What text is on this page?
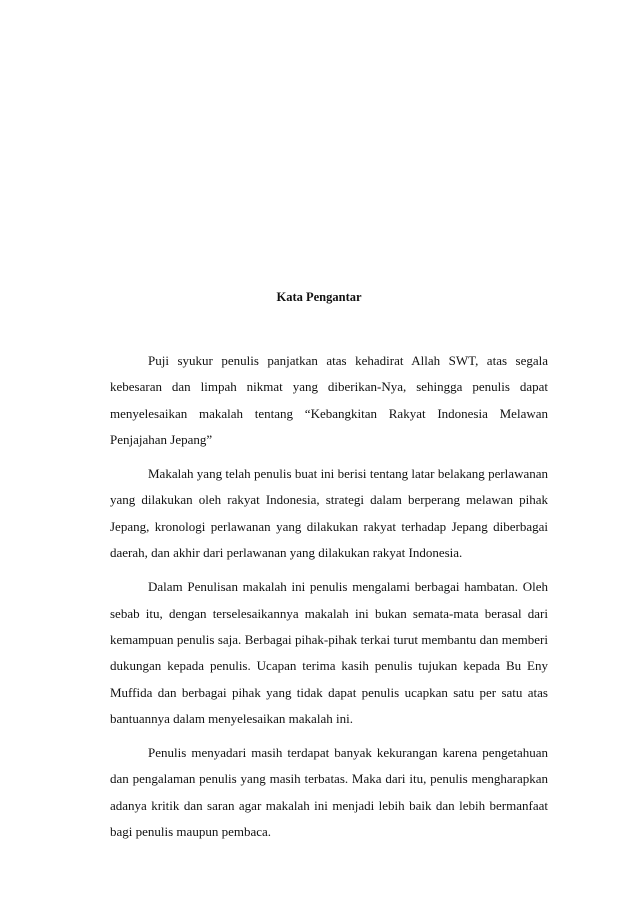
Kata Pengantar

Puji syukur penulis panjatkan atas kehadirat Allah SWT, atas segala kebesaran dan limpah nikmat yang diberikan-Nya, sehingga penulis dapat menyelesaikan makalah tentang “Kebangkitan Rakyat Indonesia Melawan Penjajahan Jepang”

Makalah yang telah penulis buat ini berisi tentang latar belakang perlawanan yang dilakukan oleh rakyat Indonesia, strategi dalam berperang melawan pihak Jepang, kronologi perlawanan yang dilakukan rakyat terhadap Jepang diberbagai daerah, dan akhir dari perlawanan yang dilakukan rakyat Indonesia.

Dalam Penulisan makalah ini penulis mengalami berbagai hambatan. Oleh sebab itu, dengan terselesaikannya makalah ini bukan semata-mata berasal dari kemampuan penulis saja. Berbagai pihak-pihak terkai turut membantu dan memberi dukungan kepada penulis. Ucapan terima kasih penulis tujukan kepada Bu Eny Muffida dan berbagai pihak yang tidak dapat penulis ucapkan satu per satu atas bantuannya dalam menyelesaikan makalah ini.

Penulis menyadari masih terdapat banyak kekurangan karena pengetahuan dan pengalaman penulis yang masih terbatas. Maka dari itu, penulis mengharapkan adanya kritik dan saran agar makalah ini menjadi lebih baik dan lebih bermanfaat bagi penulis maupun pembaca.
